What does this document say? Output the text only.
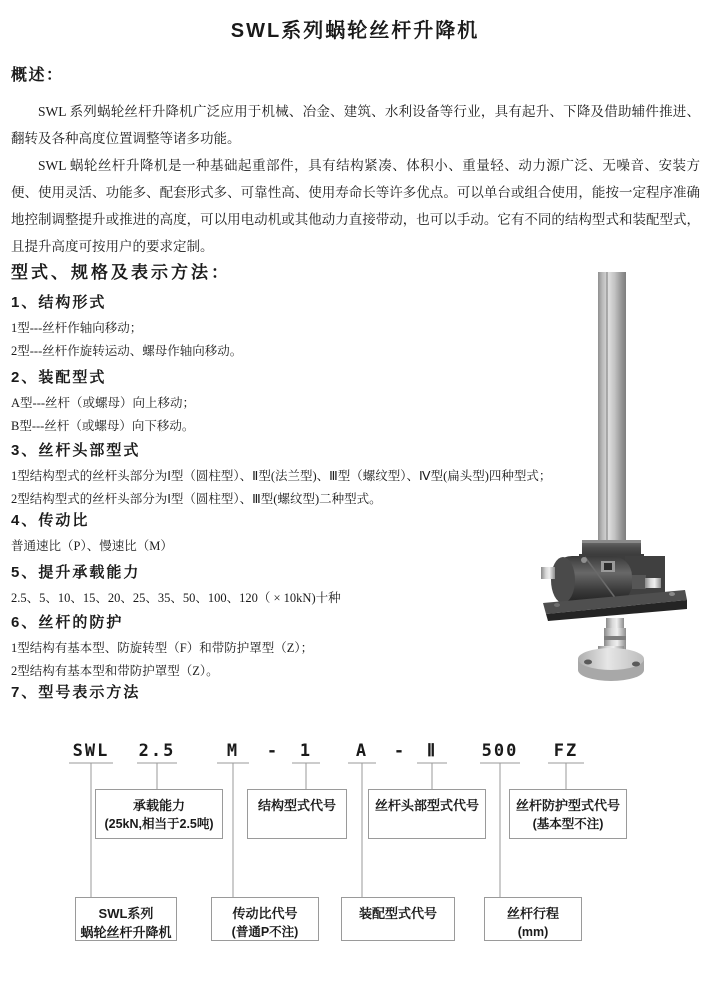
SWL系列蜗轮丝杆升降机
概述：

SWL 系列蜗轮丝杆升降机广泛应用于机械、冶金、建筑、水利设备等行业，具有起升、下降及借助辅件推进、翻转及各种高度位置调整等诸多功能。

SWL 蜗轮丝杆升降机是一种基础起重部件，具有结构紧凑、体积小、重量轻、动力源广泛、无噪音、安装方便、使用灵活、功能多、配套形式多、可靠性高、使用寿命长等许多优点。可以单台或组合使用，能按一定程序准确地控制调整提升或推进的高度，可以用电动机或其他动力直接带动，也可以手动。它有不同的结构型式和装配型式，且提升高度可按用户的要求定制。

型式、规格及表示方法：
1、结构形式

1型---丝杆作轴向移动；

2型---丝杆作旋转运动、螺母作轴向移动。

2、装配型式

A型---丝杆（或螺母）向上移动；

B型---丝杆（或螺母）向下移动。

3、丝杆头部型式

1型结构型式的丝杆头部分为Ⅰ型（圆柱型）、Ⅱ型(法兰型)、Ⅲ型（螺纹型）、Ⅳ型(扁头型)四种型式；

2型结构型式的丝杆头部分为Ⅰ型（圆柱型）、Ⅲ型(螺纹型)二种型式。

4、传动比

普通速比（P）、慢速比（M）

5、提升承载能力

2.5、5、10、15、20、25、35、50、100、120（ × 10kN)十种

6、丝杆的防护

1型结构有基本型、防旋转型（F）和带防护罩型（Z）；

2型结构有基本型和带防护罩型（Z）。

7、型号表示方法
SWL 2.5	M - 1	A - Ⅱ	500 FZ
承载能力
(25kN,相当于2.5吨)
结构型式代号	丝杆头部型式代号	丝杆防护型式代号
(基本型不注)
SWL系列
蜗轮丝杆升降机
传动比代号
(普通P不注)
装配型式代号	丝杆行程
(mm)
